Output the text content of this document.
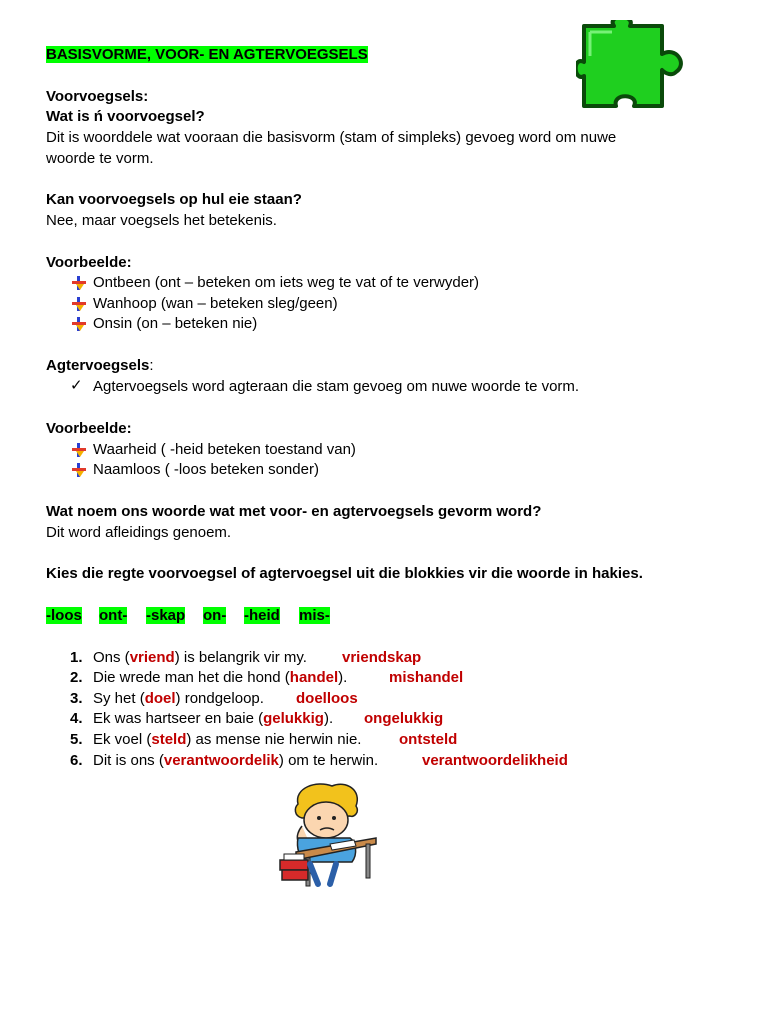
BASISVORME, VOOR- EN AGTERVOEGSELS
Voorvoegsels:
Wat is ń voorvoegsel?
Dit is woorddele wat vooraan die basisvorm (stam of simpleks) gevoeg word om nuwe
woorde te vorm.
Kan voorvoegsels op hul eie staan?
Nee, maar voegsels het betekenis.
Voorbeelde:
Ontbeen (ont – beteken om iets weg te vat of te verwyder)
Wanhoop (wan – beteken sleg/geen)
Onsin (on – beteken nie)
Agtervoegsels:
✓ Agtervoegsels word agteraan die stam gevoeg om nuwe woorde te vorm.
Voorbeelde:
Waarheid ( -heid beteken toestand van)
Naamloos ( -loos beteken sonder)
Wat noem ons woorde wat met voor- en agtervoegsels gevorm word?
Dit word afleidings genoem.
Kies die regte voorvoegsel of agtervoegsel uit die blokkies vir die woorde in hakies.
-loos ont- -skap on- -heid mis-
1. Ons (vriend) is belangrik vir my. vriendskap
2. Die wrede man het die hond (handel).	mishandel
3. Sy het (doel) rondgeloop. doelloos
4. Ek was hartseer en baie (gelukkig). ongelukkig
5. Ek voel (steld) as mense nie herwin nie.	ontsteld
6. Dit is ons (verantwoordelik) om te herwin.	verantwoordelikheid
